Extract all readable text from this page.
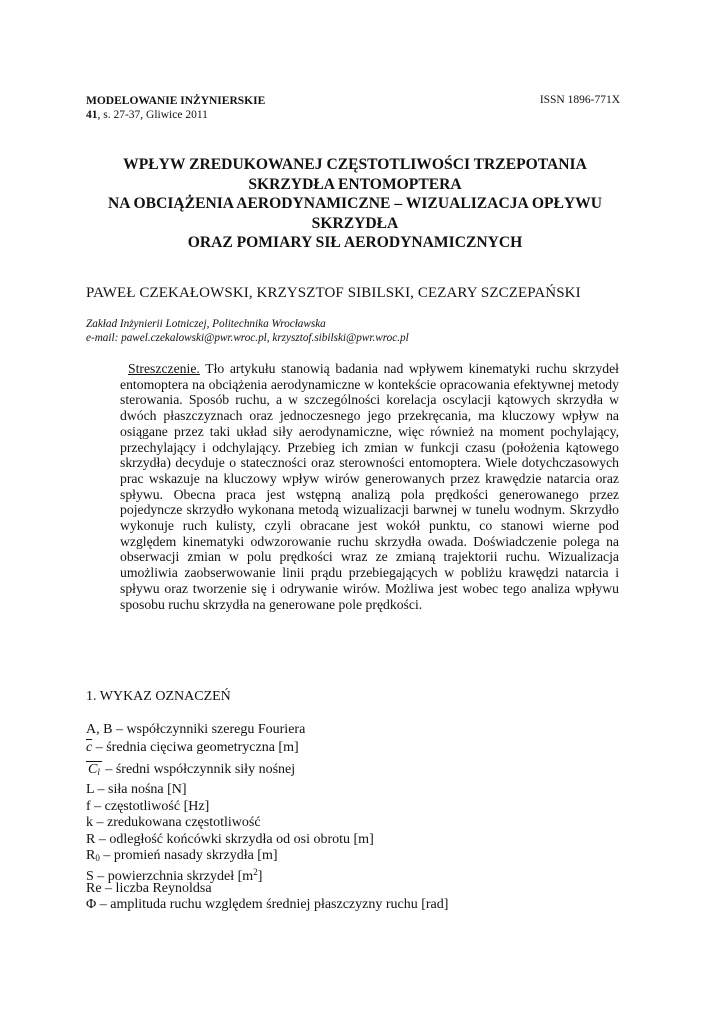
MODELOWANIE INŻYNIERSKIE
41, s. 27-37, Gliwice 2011
ISSN 1896-771X
WPŁYW ZREDUKOWANEJ CZĘSTOTLIWOŚCI TRZEPOTANIA
SKRZYDŁA ENTOMOPTERA
NA OBCIĄŻENIA AERODYNAMICZNE – WIZUALIZACJA OPŁYWU
SKRZYDŁA
ORAZ POMIARY SIŁ AERODYNAMICZNYCH
PAWEŁ CZEKAŁOWSKI, KRZYSZTOF SIBILSKI, CEZARY SZCZEPAŃSKI
Zakład Inżynierii Lotniczej, Politechnika Wrocławska
e-mail: pawel.czekalowski@pwr.wroc.pl, krzysztof.sibilski@pwr.wroc.pl
Streszczenie. Tło artykułu stanowią badania nad wpływem kinematyki ruchu skrzydeł entomoptera na obciążenia aerodynamiczne w kontekście opracowania efektywnej metody sterowania. Sposób ruchu, a w szczególności korelacja oscylacji kątowych skrzydła w dwóch płaszczyznach oraz jednoczesnego jego przekręcania, ma kluczowy wpływ na osiągane przez taki układ siły aerodynamiczne, więc również na moment pochylający, przechylający i odchylający. Przebieg ich zmian w funkcji czasu (położenia kątowego skrzydła) decyduje o stateczności oraz sterowności entomoptera. Wiele dotychczasowych prac wskazuje na kluczowy wpływ wirów generowanych przez krawędzie natarcia oraz spływu. Obecna praca jest wstępną analizą pola prędkości generowanego przez pojedyncze skrzydło wykonana metodą wizualizacji barwnej w tunelu wodnym. Skrzydło wykonuje ruch kulisty, czyli obracane jest wokół punktu, co stanowi wierne pod względem kinematyki odwzorowanie ruchu skrzydła owada. Doświadczenie polega na obserwacji zmian w polu prędkości wraz ze zmianą trajektorii ruchu. Wizualizacja umożliwia zaobserwowanie linii prądu przebiegających w pobliżu krawędzi natarcia i spływu oraz tworzenie się i odrywanie wirów. Możliwa jest wobec tego analiza wpływu sposobu ruchu skrzydła na generowane pole prędkości.
1. WYKAZ OZNACZEŃ
A, B – współczynniki szeregu Fouriera
$\overline{c}$ – średnia cięciwa geometryczna [m]
$C_l$ – średni współczynnik siły nośnej
L – siła nośna [N]
f – częstotliwość [Hz]
k – zredukowana częstotliwość
R – odległość końcówki skrzydła od osi obrotu [m]
$R_0$ – promień nasady skrzydła [m]
S – powierzchnia skrzydeł $[m^2]$
Re – liczba Reynoldsa
Φ – amplituda ruchu względem średniej płaszczyzny ruchu [rad]
